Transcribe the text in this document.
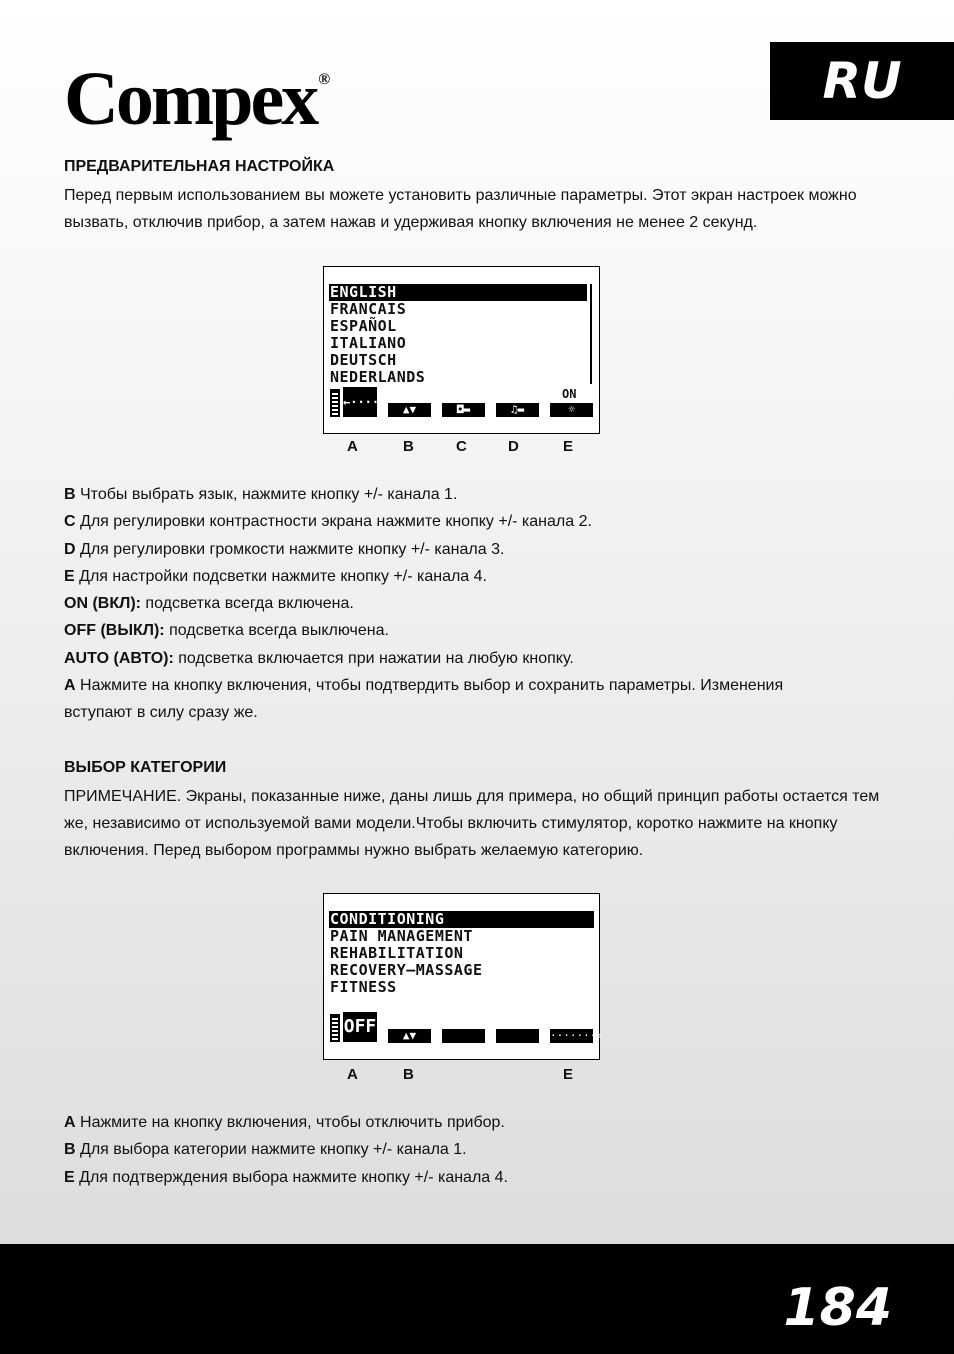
Compex ®	RU
ПРЕДВАРИТЕЛЬНАЯ НАСТРОЙКА
Перед первым использованием вы можете установить различные параметры. Этот экран настроек можно вызвать, отключив прибор, а затем нажав и удерживая кнопку включения не менее 2 секунд.
ENGLISH
FRANCAIS
ESPAÑOL
ITALIANO
DEUTSCH
NEDERLANDS
←·····
▲▼	◘▬	♫▬
ON
☼
A	B	C	D	E
B Чтобы выбрать язык, нажмите кнопку +/- канала 1.
C Для регулировки контрастности экрана нажмите кнопку +/- канала 2.
D Для регулировки громкости нажмите кнопку +/- канала 3.
E Для настройки подсветки нажмите кнопку +/- канала 4.
ON (ВКЛ): подсветка всегда включена.
OFF (ВЫКЛ): подсветка всегда выключена.
AUTO (АВТО): подсветка включается при нажатии на любую кнопку.
A Нажмите на кнопку включения, чтобы подтвердить выбор и сохранить параметры. Изменения
вступают в силу сразу же.
ВЫБОР КАТЕГОРИИ
ПРИМЕЧАНИЕ. Экраны, показанные ниже, даны лишь для примера, но общий принцип работы остается тем же, независимо от используемой вами модели.Чтобы включить стимулятор, коротко нажмите на кнопку включения. Перед выбором программы нужно выбрать желаемую категорию.
CONDITIONING
PAIN MANAGEMENT
REHABILITATION
RECOVERY–MASSAGE
FITNESS
OFF	▲▼	·······›
A	B	E
A Нажмите на кнопку включения, чтобы отключить прибор.
B Для выбора категории нажмите кнопку +/- канала 1.
E Для подтверждения выбора нажмите кнопку +/- канала 4.
184
